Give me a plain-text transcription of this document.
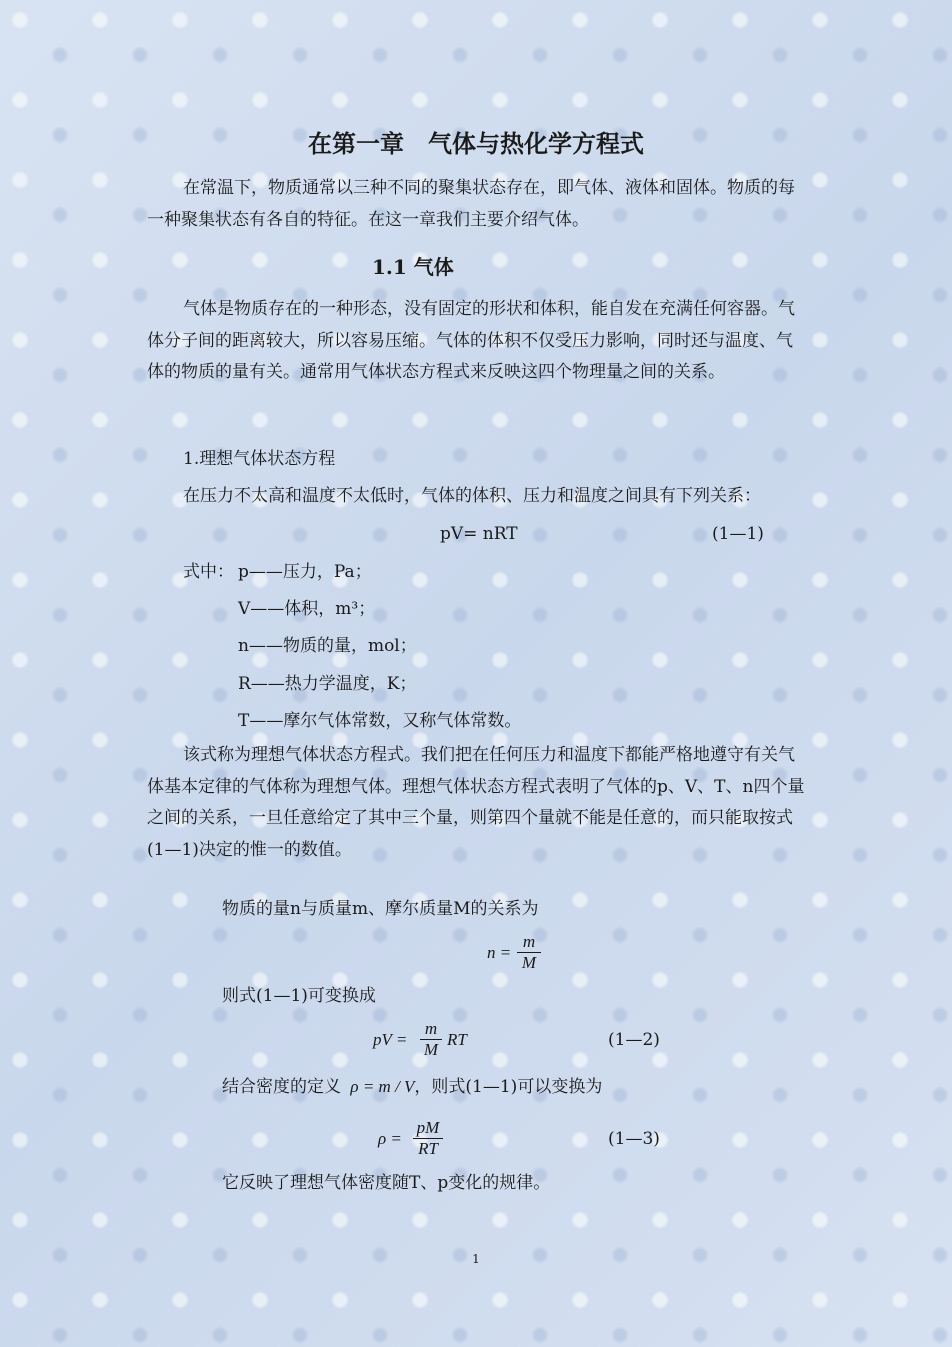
在第一章　气体与热化学方程式
在常温下，物质通常以三种不同的聚集状态存在，即气体、液体和固体。物质的每一种聚集状态有各自的特征。在这一章我们主要介绍气体。
1.1 气体
气体是物质存在的一种形态，没有固定的形状和体积，能自发在充满任何容器。气体分子间的距离较大，所以容易压缩。气体的体积不仅受压力影响，同时还与温度、气体的物质的量有关。通常用气体状态方程式来反映这四个物理量之间的关系。
1.理想气体状态方程
在压力不太高和温度不太低时，气体的体积、压力和温度之间具有下列关系：
pV= nRT	(1—1)
式中： p——压力，Pa；
V——体积，m³；
n——物质的量，mol；
R——热力学温度，K；
T——摩尔气体常数，又称气体常数。
该式称为理想气体状态方程式。我们把在任何压力和温度下都能严格地遵守有关气体基本定律的气体称为理想气体。理想气体状态方程式表明了气体的p、V、T、n四个量之间的关系，一旦任意给定了其中三个量，则第四个量就不能是任意的，而只能取按式(1—1)决定的惟一的数值。
物质的量n与质量m、摩尔质量M的关系为
n =
m
M
则式(1—1)可变换成
pV =
m
M
RT	(1—2)
结合密度的定义 ρ = m / V，则式(1—1)可以变换为
ρ =
pM
RT	(1—3)
它反映了理想气体密度随T、p变化的规律。
1
